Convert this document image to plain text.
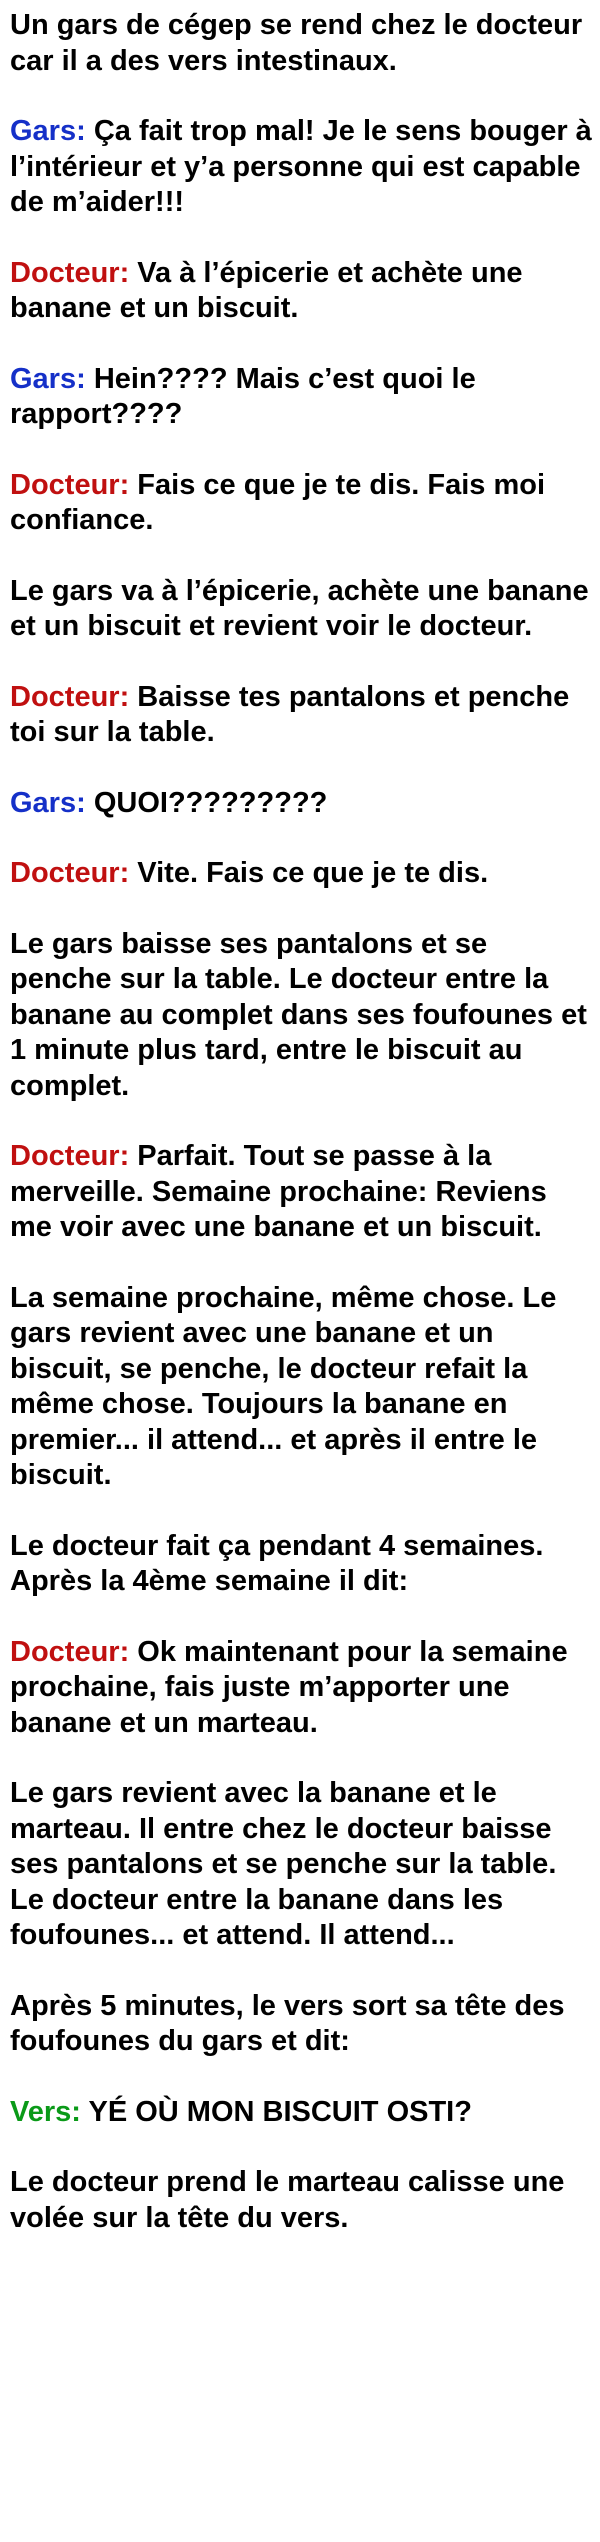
Un gars de cégep se rend chez le docteur car il a des vers intestinaux.

Gars: Ça fait trop mal! Je le sens bouger à l’intérieur et y’a personne qui est capable de m’aider!!!

Docteur: Va à l’épicerie et achète une banane et un biscuit.

Gars: Hein???? Mais c’est quoi le rapport????

Docteur: Fais ce que je te dis. Fais moi confiance.

Le gars va à l’épicerie, achète une banane et un biscuit et revient voir le docteur.

Docteur: Baisse tes pantalons et penche toi sur la table.

Gars: QUOI?????????

Docteur: Vite. Fais ce que je te dis.

Le gars baisse ses pantalons et se penche sur la table. Le docteur entre la banane au complet dans ses foufounes et 1 minute plus tard, entre le biscuit au complet.

Docteur: Parfait. Tout se passe à la merveille. Semaine prochaine: Reviens me voir avec une banane et un biscuit.

La semaine prochaine, même chose. Le gars revient avec une banane et un biscuit, se penche, le docteur refait la même chose. Toujours la banane en premier... il attend... et après il entre le biscuit.

Le docteur fait ça pendant 4 semaines. Après la 4ème semaine il dit:

Docteur: Ok maintenant pour la semaine prochaine, fais juste m’apporter une banane et un marteau.

Le gars revient avec la banane et le marteau. Il entre chez le docteur baisse ses pantalons et se penche sur la table. Le docteur entre la banane dans les foufounes... et attend. Il attend...

Après 5 minutes, le vers sort sa tête des foufounes du gars et dit:

Vers: YÉ OÙ MON BISCUIT OSTI?

Le docteur prend le marteau calisse une volée sur la tête du vers.
